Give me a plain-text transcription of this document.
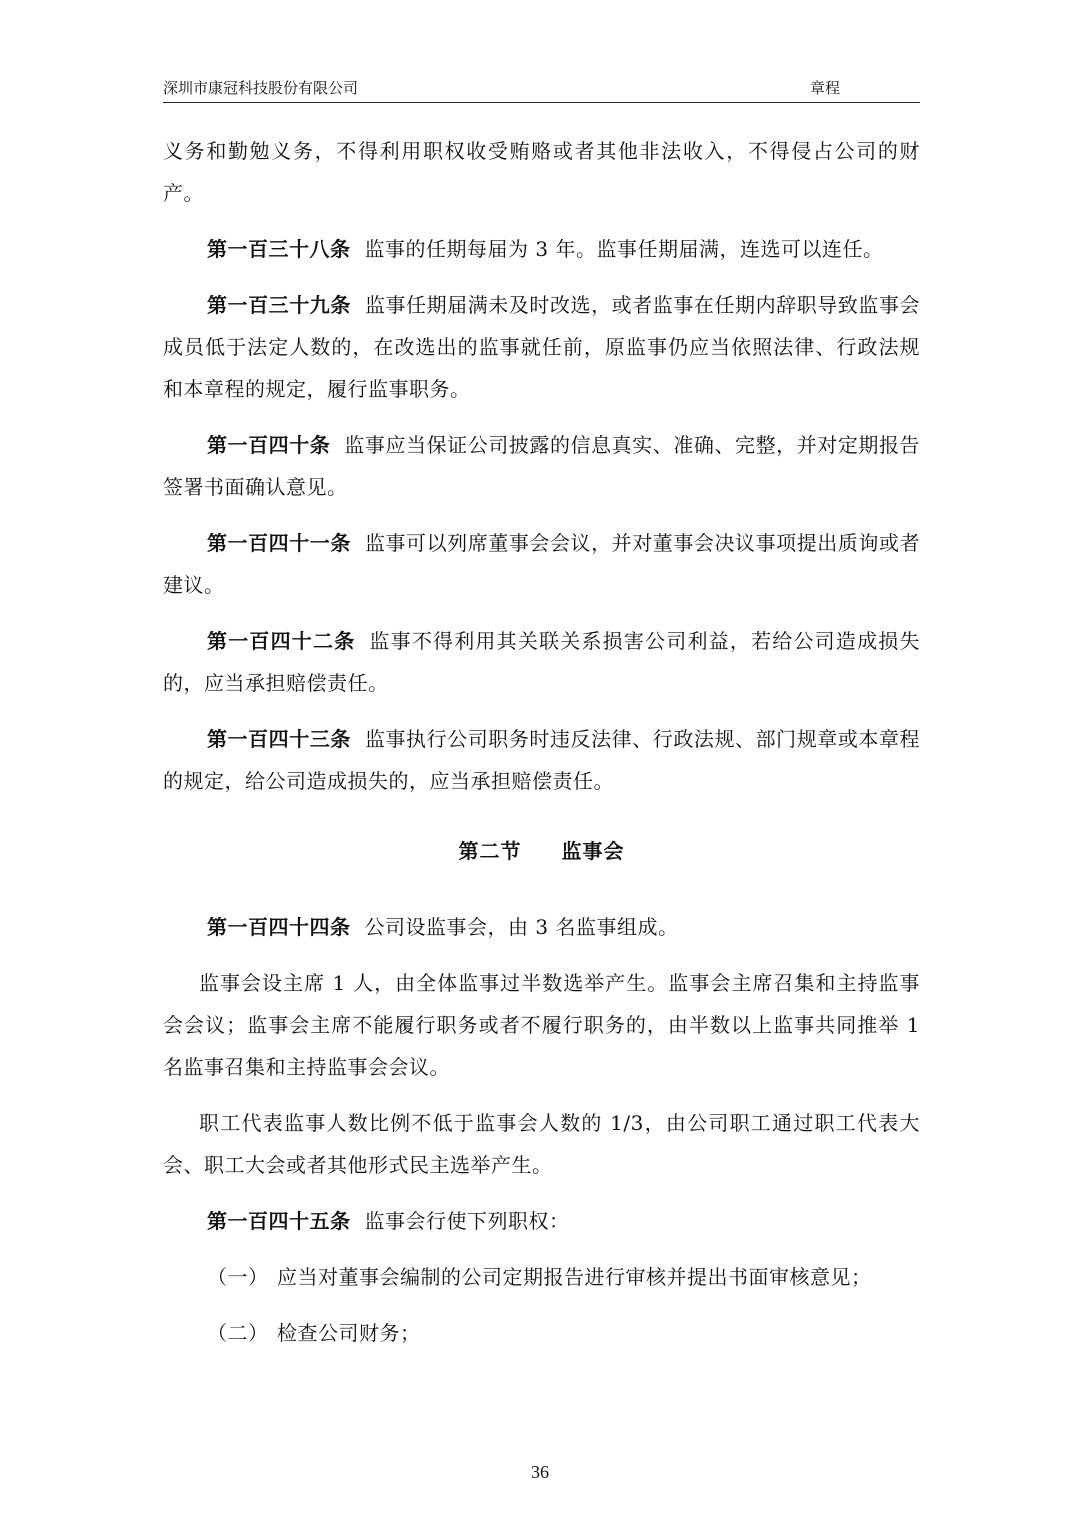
深圳市康冠科技股份有限公司	章程

义务和勤勉义务，不得利用职权收受贿赂或者其他非法收入，不得侵占公司的财产。

第一百三十八条 监事的任期每届为 3 年。监事任期届满，连选可以连任。

第一百三十九条 监事任期届满未及时改选，或者监事在任期内辞职导致监事会成员低于法定人数的，在改选出的监事就任前，原监事仍应当依照法律、行政法规和本章程的规定，履行监事职务。

第一百四十条 监事应当保证公司披露的信息真实、准确、完整，并对定期报告签署书面确认意见。

第一百四十一条 监事可以列席董事会会议，并对董事会决议事项提出质询或者建议。

第一百四十二条 监事不得利用其关联关系损害公司利益，若给公司造成损失的，应当承担赔偿责任。

第一百四十三条 监事执行公司职务时违反法律、行政法规、部门规章或本章程的规定，给公司造成损失的，应当承担赔偿责任。

第二节 监事会

第一百四十四条 公司设监事会，由 3 名监事组成。

监事会设主席 1 人，由全体监事过半数选举产生。监事会主席召集和主持监事会会议；监事会主席不能履行职务或者不履行职务的，由半数以上监事共同推举 1 名监事召集和主持监事会会议。

职工代表监事人数比例不低于监事会人数的 1/3，由公司职工通过职工代表大会、职工大会或者其他形式民主选举产生。

第一百四十五条 监事会行使下列职权：

（一） 应当对董事会编制的公司定期报告进行审核并提出书面审核意见；

（二） 检查公司财务；

36
